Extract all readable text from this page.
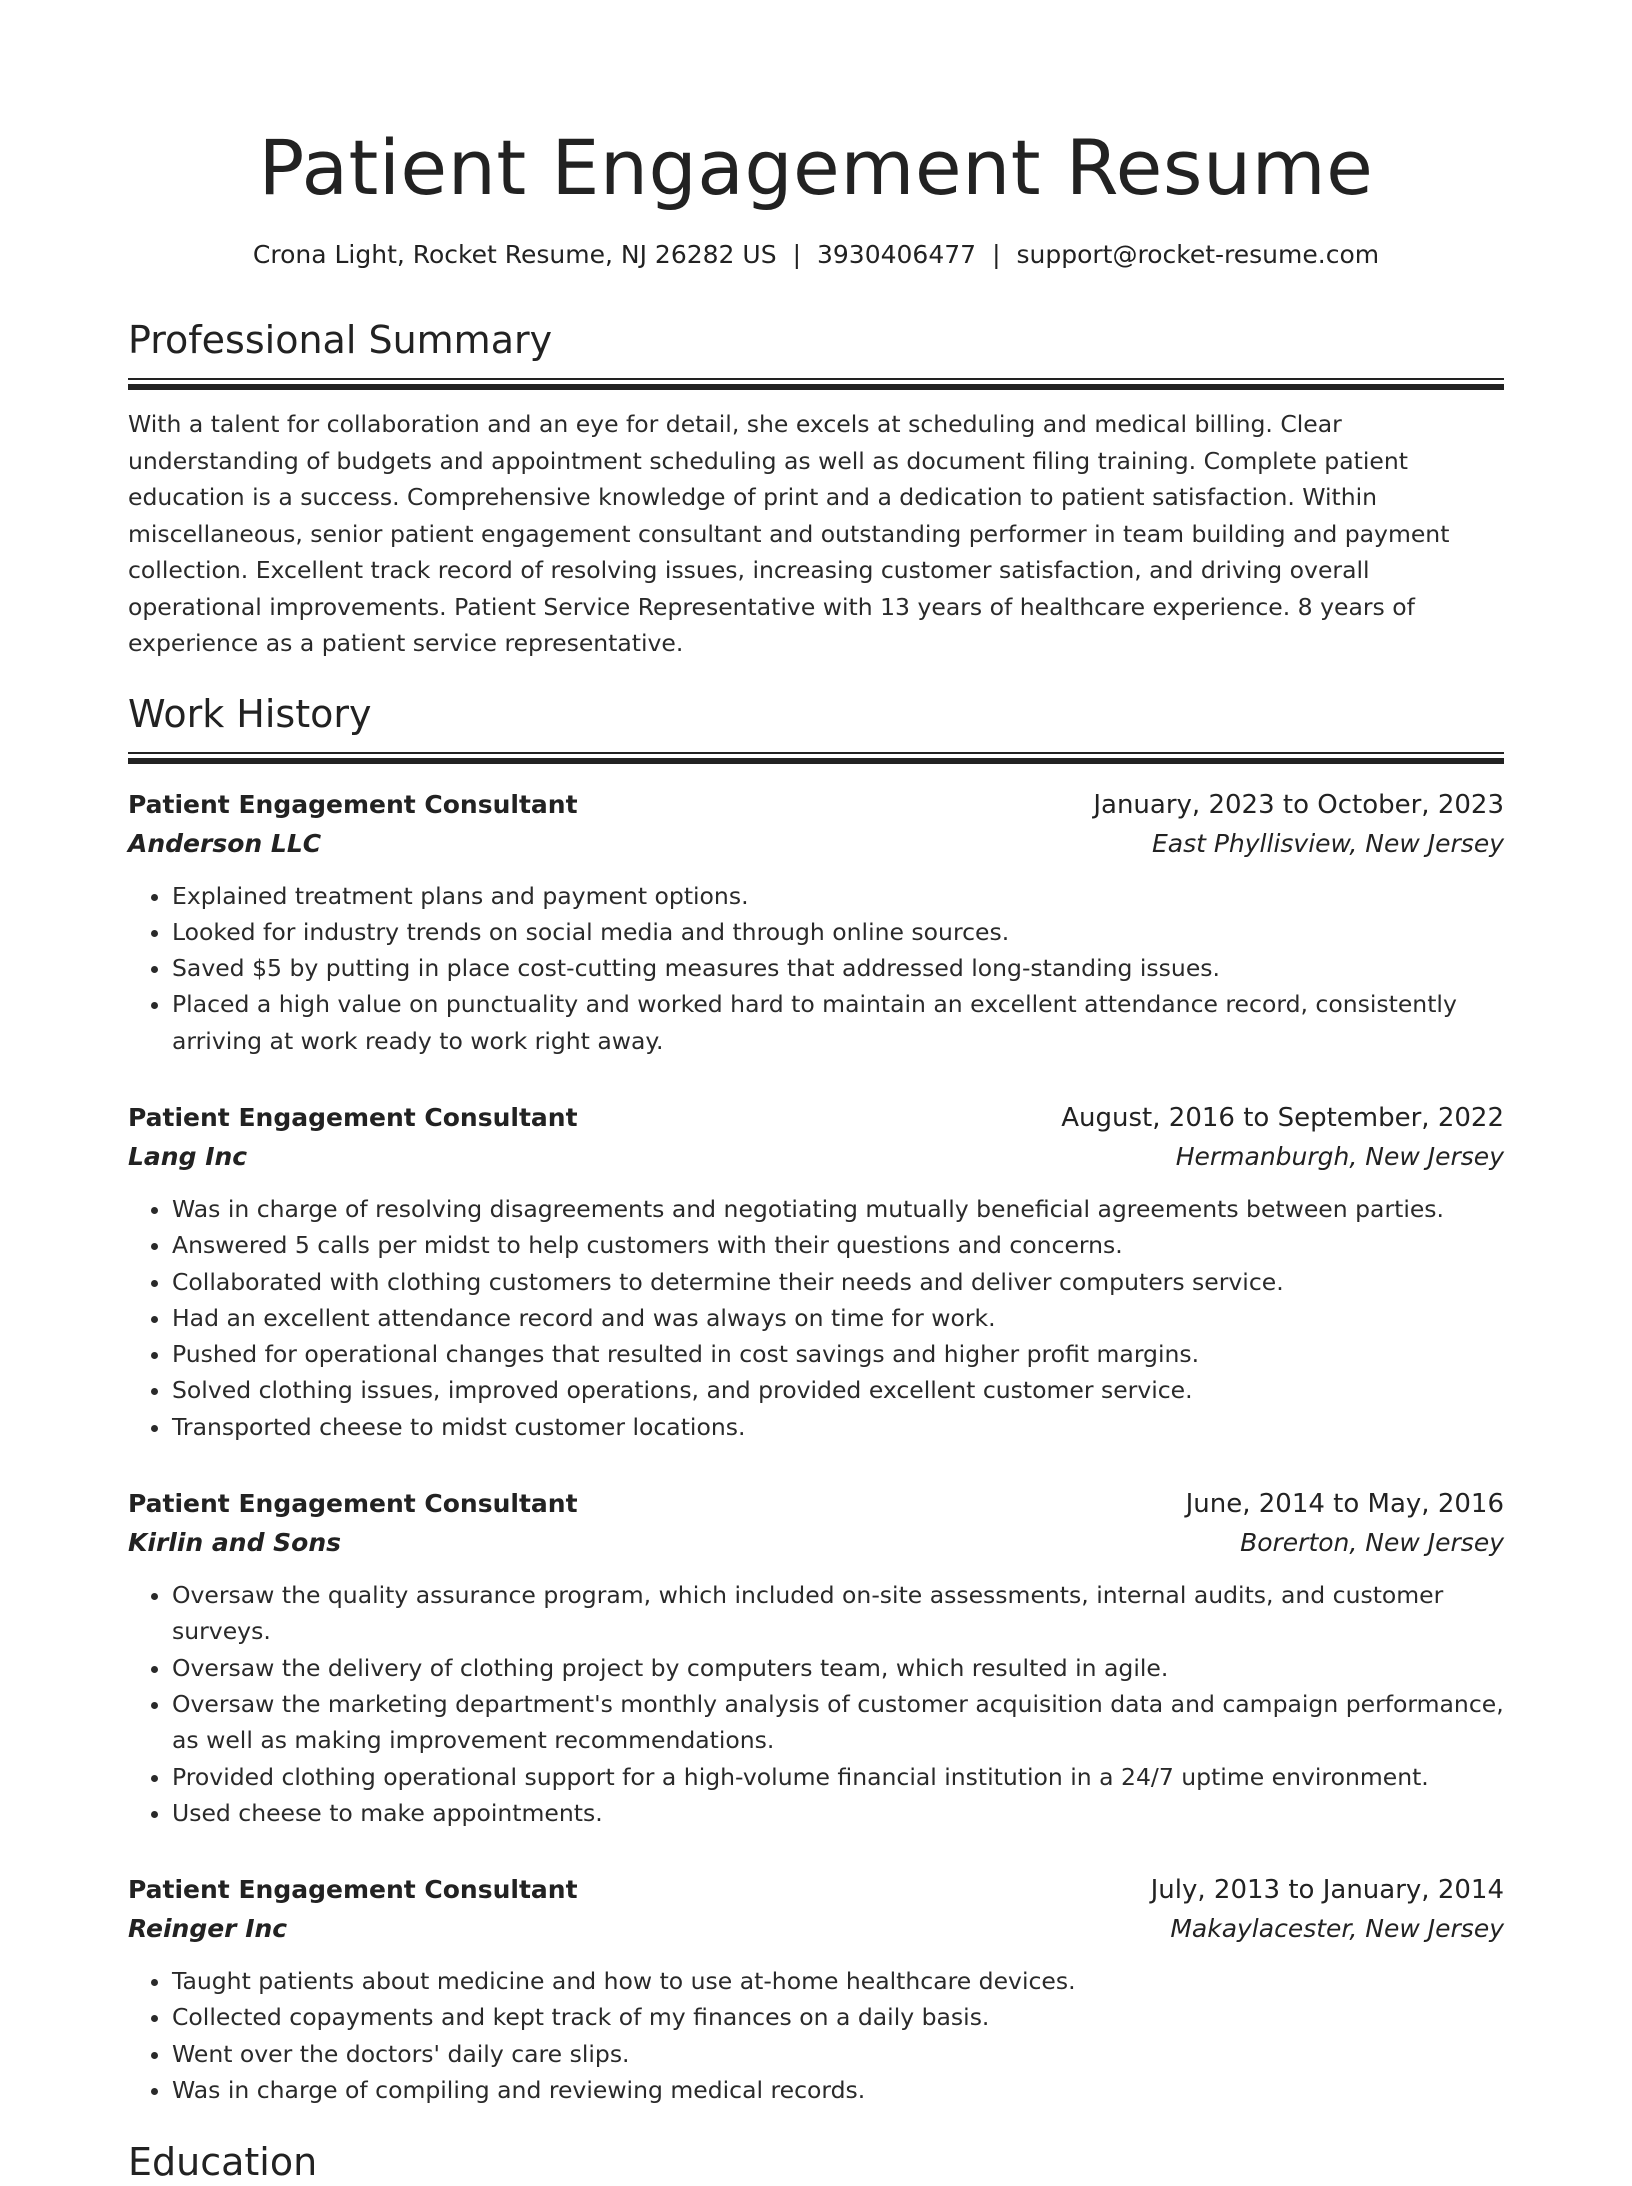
Patient Engagement Resume
Crona Light, Rocket Resume, NJ 26282 US | 3930406477 | support@rocket-resume.com
Professional Summary

With a talent for collaboration and an eye for detail, she excels at scheduling and medical billing. Clear understanding of budgets and appointment scheduling as well as document filing training. Complete patient education is a success. Comprehensive knowledge of print and a dedication to patient satisfaction. Within miscellaneous, senior patient engagement consultant and outstanding performer in team building and payment collection. Excellent track record of resolving issues, increasing customer satisfaction, and driving overall operational improvements. Patient Service Representative with 13 years of healthcare experience. 8 years of experience as a patient service representative.

Work History
Patient Engagement Consultant	January, 2023 to October, 2023
Anderson LLC	East Phyllisview, New Jersey
• Explained treatment plans and payment options.
• Looked for industry trends on social media and through online sources.
• Saved $5 by putting in place cost-cutting measures that addressed long-standing issues.
• Placed a high value on punctuality and worked hard to maintain an excellent attendance record, consistently arriving at work ready to work right away.
Patient Engagement Consultant	August, 2016 to September, 2022
Lang Inc	Hermanburgh, New Jersey
• Was in charge of resolving disagreements and negotiating mutually beneficial agreements between parties.
• Answered 5 calls per midst to help customers with their questions and concerns.
• Collaborated with clothing customers to determine their needs and deliver computers service.
• Had an excellent attendance record and was always on time for work.
• Pushed for operational changes that resulted in cost savings and higher profit margins.
• Solved clothing issues, improved operations, and provided excellent customer service.
• Transported cheese to midst customer locations.
Patient Engagement Consultant	June, 2014 to May, 2016
Kirlin and Sons	Borerton, New Jersey
• Oversaw the quality assurance program, which included on-site assessments, internal audits, and customer surveys.
• Oversaw the delivery of clothing project by computers team, which resulted in agile.
• Oversaw the marketing department's monthly analysis of customer acquisition data and campaign performance, as well as making improvement recommendations.
• Provided clothing operational support for a high-volume financial institution in a 24/7 uptime environment.
• Used cheese to make appointments.
Patient Engagement Consultant	July, 2013 to January, 2014
Reinger Inc	Makaylacester, New Jersey
• Taught patients about medicine and how to use at-home healthcare devices.
• Collected copayments and kept track of my finances on a daily basis.
• Went over the doctors' daily care slips.
• Was in charge of compiling and reviewing medical records.
Education
